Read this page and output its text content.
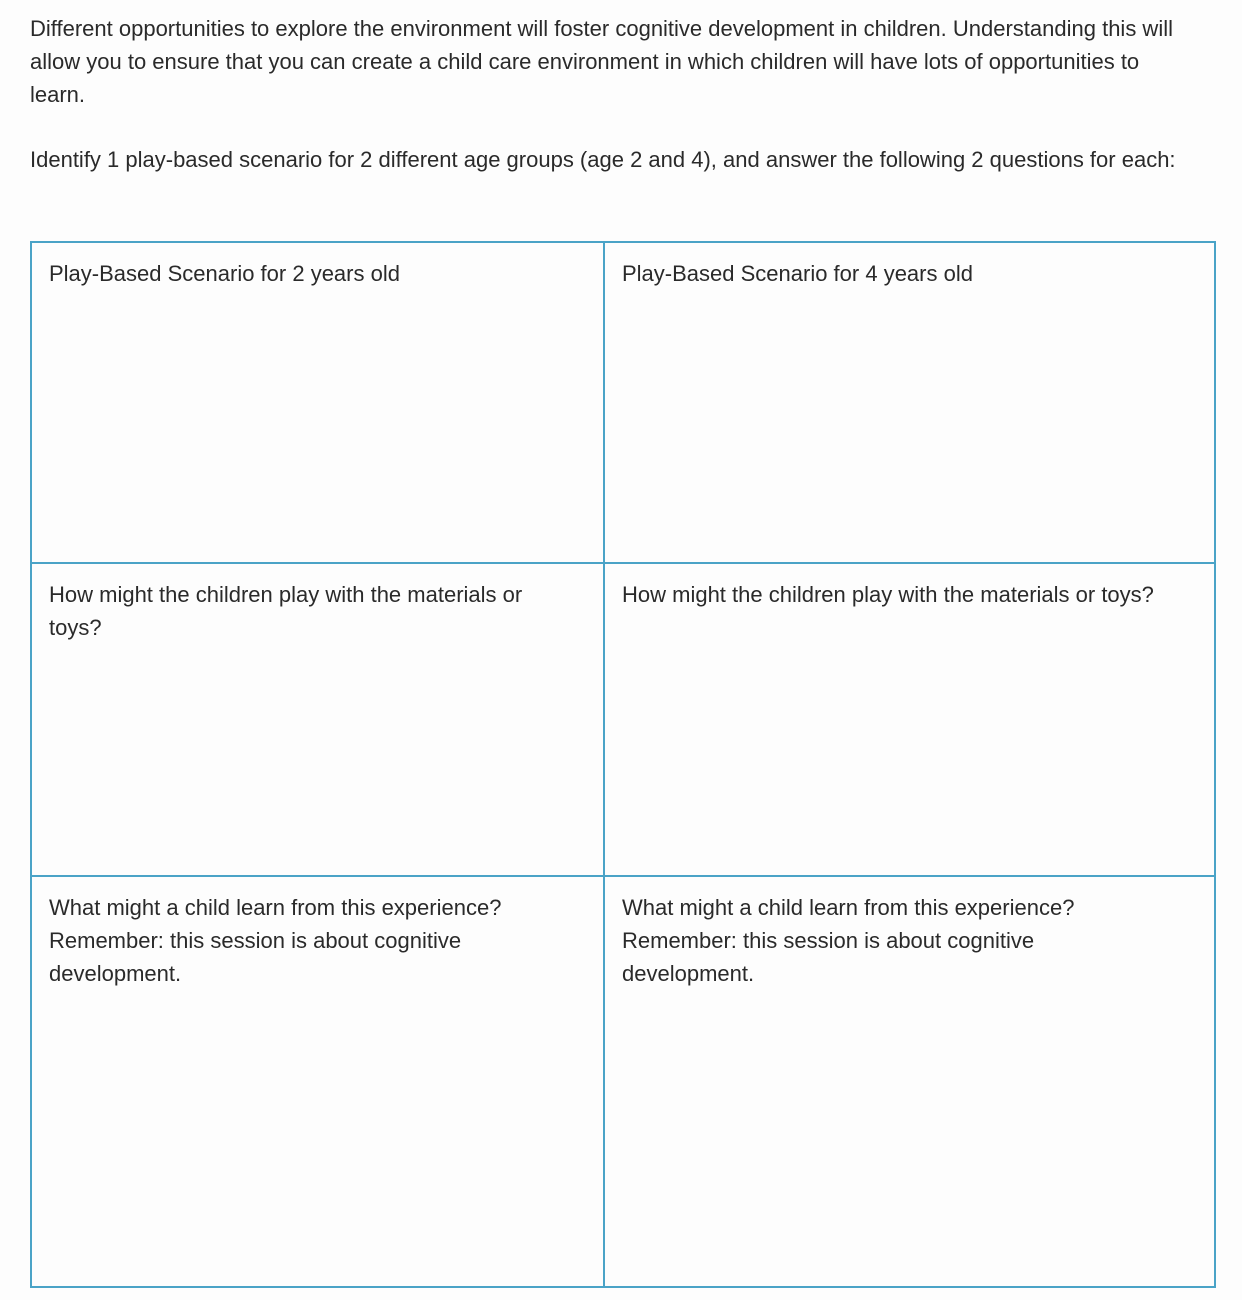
Different opportunities to explore the environment will foster cognitive development in children. Understanding this will allow you to ensure that you can create a child care environment in which children will have lots of opportunities to learn.

Identify 1 play-based scenario for 2 different age groups (age 2 and 4), and answer the following 2 questions for each:

Play-Based Scenario for 2 years old	Play-Based Scenario for 4 years old

How might the children play with the materials or toys?	How might the children play with the materials or toys?

What might a child learn from this experience?
Remember: this session is about cognitive development.	What might a child learn from this experience?
Remember: this session is about cognitive development.
